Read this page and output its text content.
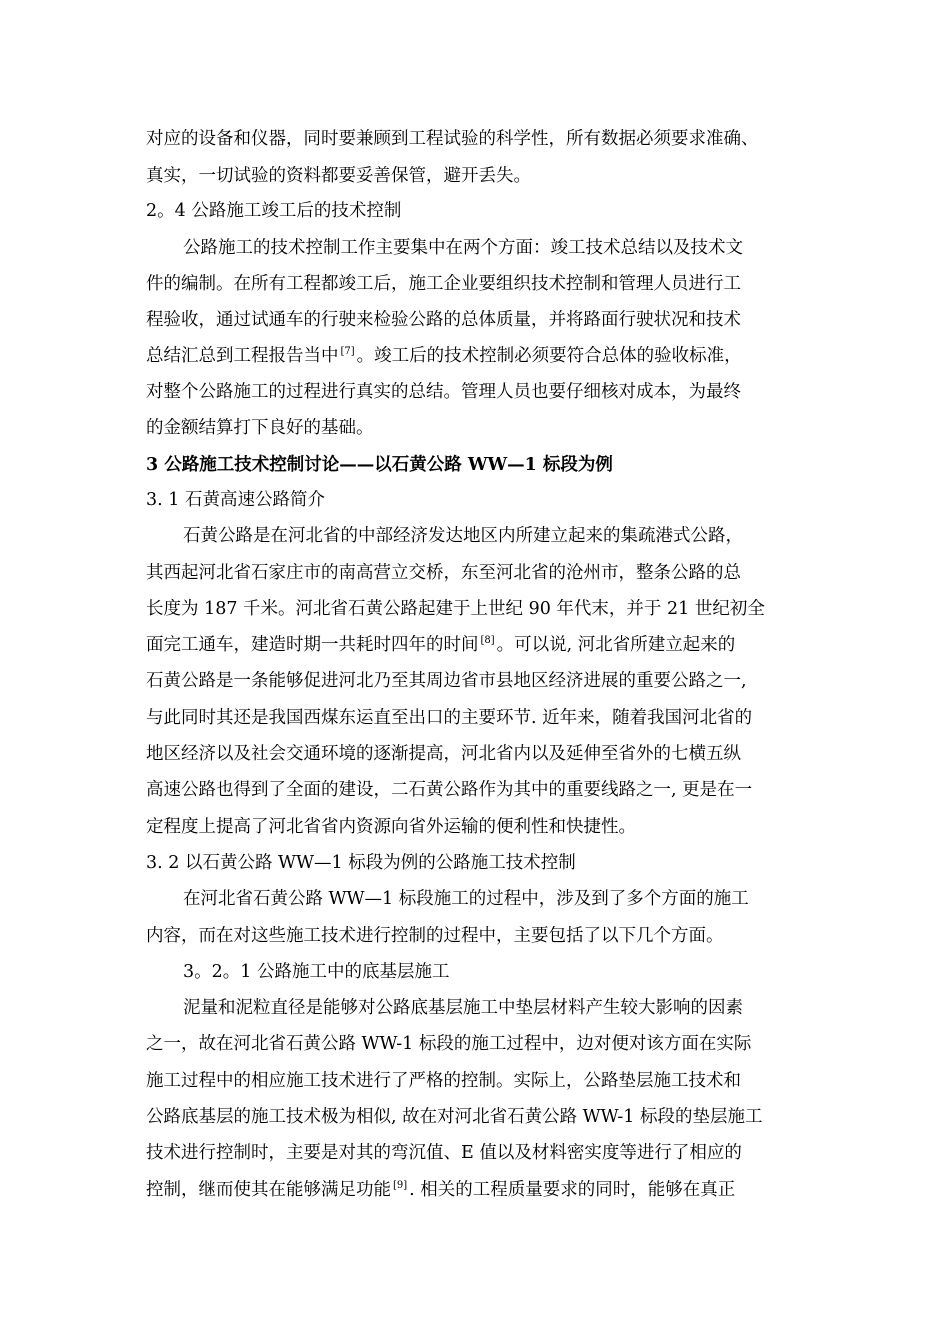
对应的设备和仪器，同时要兼顾到工程试验的科学性，所有数据必须要求准确、
真实，一切试验的资料都要妥善保管，避开丢失。
2。4 公路施工竣工后的技术控制
公路施工的技术控制工作主要集中在两个方面：竣工技术总结以及技术文
件的编制。在所有工程都竣工后，施工企业要组织技术控制和管理人员进行工
程验收，通过试通车的行驶来检验公路的总体质量，并将路面行驶状况和技术
总结汇总到工程报告当中 [7] 。竣工后的技术控制必须要符合总体的验收标准，
对整个公路施工的过程进行真实的总结。管理人员也要仔细核对成本，为最终
的金额结算打下良好的基础。
3 公路施工技术控制讨论——以石黄公路 WW—1 标段为例
3. 1 石黄高速公路简介
石黄公路是在河北省的中部经济发达地区内所建立起来的集疏港式公路，
其西起河北省石家庄市的南高营立交桥，东至河北省的沧州市，整条公路的总
长度为 187 千米。河北省石黄公路起建于上世纪 90 年代末，并于 21 世纪初全
面完工通车，建造时期一共耗时四年的时间 [8] 。可以说, 河北省所建立起来的
石黄公路是一条能够促进河北乃至其周边省市县地区经济进展的重要公路之一,
与此同时其还是我国西煤东运直至出口的主要环节. 近年来，随着我国河北省的
地区经济以及社会交通环境的逐渐提高，河北省内以及延伸至省外的七横五纵
高速公路也得到了全面的建设，二石黄公路作为其中的重要线路之一, 更是在一
定程度上提高了河北省省内资源向省外运输的便利性和快捷性。
3. 2 以石黄公路 WW—1 标段为例的公路施工技术控制
在河北省石黄公路 WW—1 标段施工的过程中，涉及到了多个方面的施工
内容，而在对这些施工技术进行控制的过程中，主要包括了以下几个方面。
3。2。1 公路施工中的底基层施工
泥量和泥粒直径是能够对公路底基层施工中垫层材料产生较大影响的因素
之一，故在河北省石黄公路 WW-1 标段的施工过程中，边对便对该方面在实际
施工过程中的相应施工技术进行了严格的控制。实际上，公路垫层施工技术和
公路底基层的施工技术极为相似, 故在对河北省石黄公路 WW-1 标段的垫层施工
技术进行控制时，主要是对其的弯沉值、E 值以及材料密实度等进行了相应的
控制，继而使其在能够满足功能 [9] . 相关的工程质量要求的同时，能够在真正
